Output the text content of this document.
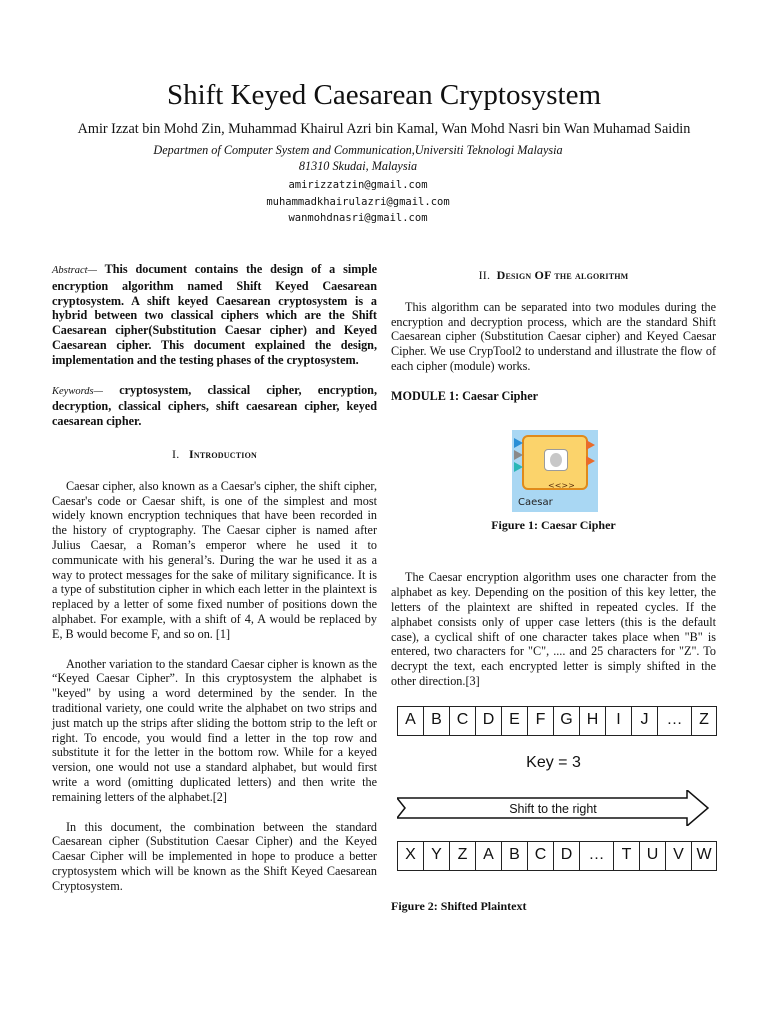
Shift Keyed Caesarean Cryptosystem
Amir Izzat bin Mohd Zin, Muhammad Khairul Azri bin Kamal, Wan Mohd Nasri bin Wan Muhamad Saidin
Departmen of Computer System and Communication,Universiti Teknologi Malaysia
81310 Skudai, Malaysia
amirizzatzin@gmail.com
muhammadkhairulazri@gmail.com
wanmohdnasri@gmail.com

Abstract— This document contains the design of a simple encryption algorithm named Shift Keyed Caesarean cryptosystem. A shift keyed Caesarean cryptosystem is a hybrid between two classical ciphers which are the Shift Caesarean cipher(Substitution Caesar cipher) and Keyed Caesarean cipher. This document explained the design, implementation and the testing phases of the cryptosystem.

Keywords— cryptosystem, classical cipher, encryption, decryption, classical ciphers, shift caesarean cipher, keyed caesarean cipher.

I. Introduction

Caesar cipher, also known as a Caesar's cipher, the shift cipher, Caesar's code or Caesar shift, is one of the simplest and most widely known encryption techniques that have been recorded in the history of cryptography. The Caesar cipher is named after Julius Caesar, a Roman’s emperor where he used it to communicate with his general’s. During the war he used it as a way to protect messages for the sake of military significance. It is a type of substitution cipher in which each letter in the plaintext is replaced by a letter of some fixed number of positions down the alphabet. For example, with a shift of 4, A would be replaced by E, B would become F, and so on. [1]

Another variation to the standard Caesar cipher is known as the “Keyed Caesar Cipher”. In this cryptosystem the alphabet is "keyed" by using a word determined by the sender. In the traditional variety, one could write the alphabet on two strips and just match up the strips after sliding the bottom strip to the left or right. To encode, you would find a letter in the top row and substitute it for the letter in the bottom row. While for a keyed version, one would not use a standard alphabet, but would first write a word (omitting duplicated letters) and then write the remaining letters of the alphabet.[2]

In this document, the combination between the standard Caesarean cipher (Substitution Caesar Cipher) and the Keyed Caesar Cipher will be implemented in hope to produce a better cryptosystem which will be known as the Shift Keyed Caesarean Cryptosystem.

II. Design OF the algorithm

This algorithm can be separated into two modules during the encryption and decryption process, which are the standard Shift Caesarean cipher (Substitution Caesar cipher) and Keyed Caesar Cipher. We use CrypTool2 to understand and illustrate the flow of each cipher (module) works.

MODULE 1: Caesar Cipher

<<>>
Caesar

Figure 1: Caesar Cipher

The Caesar encryption algorithm uses one character from the alphabet as key. Depending on the position of this key letter, the letters of the plaintext are shifted in repeated cycles. If the alphabet consists only of upper case letters (this is the default case), a cyclical shift of one character takes place when "B" is entered, two characters for "C", .... and 25 characters for "Z". To decrypt the text, each encrypted letter is simply shifted in the other direction.[3]

A B C D E F G H	I	J	…	Z
Key = 3
Shift to the right
X Y Z A B C D	…	T U V W

Figure 2: Shifted Plaintext
